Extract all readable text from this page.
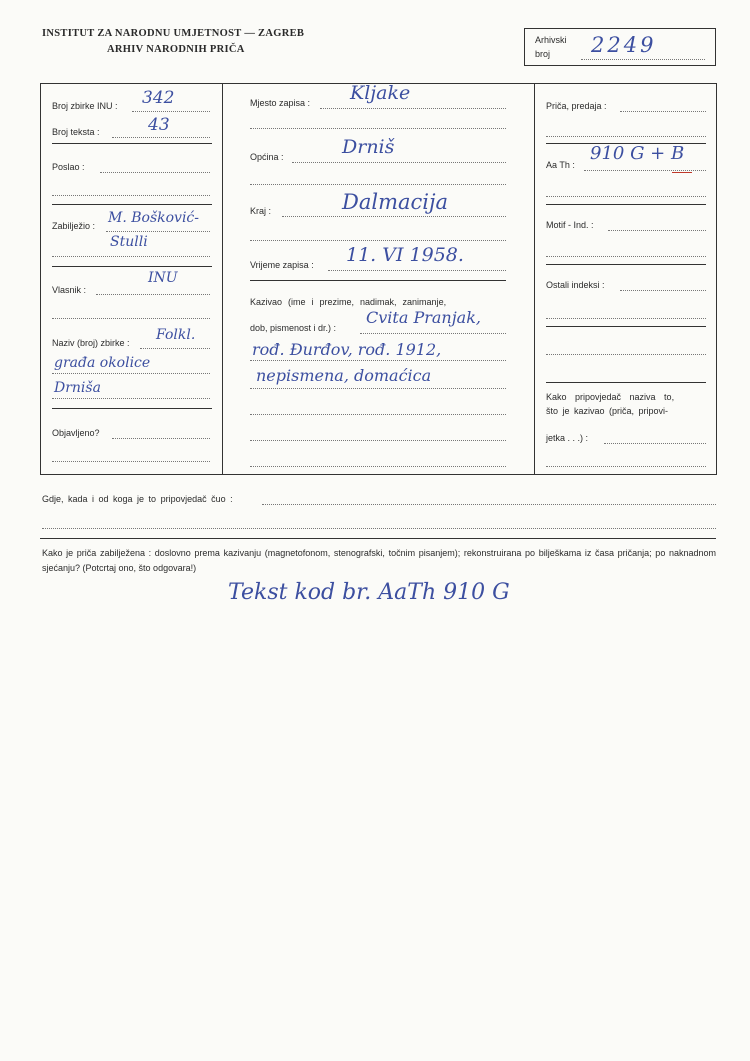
INSTITUT ZA NARODNU UMJETNOST — ZAGREB
ARHIV NARODNIH PRIČA
Arhivski
broj 2249
Broj zbirke INU : 342
Broj teksta :	43
Poslao :
Zabilježio : M. Bošković-
Stulli
Vlasnik :
INU
Naziv (broj) zbirke : Folkl.
građa okolice
Drniša
Objavljeno?
Mjesto zapisa : Kljake
Općina :	Drniš
Kraj :	Dalmacija
Vrijeme zapisa : 11. VI 1958.
Kazivao (ime i prezime, nadimak, zanimanje,
dob, pismenost i dr.) :
Cvita Pranjak,
rođ. Đurđov, rođ. 1912,
nepismena, domaćica
Priča, predaja :
Aa Th :
910 G + B
Motif - Ind. :
Ostali indeksi :
Kako pripovjedač naziva to,
što je kazivao (priča, pripovi-
jetka . . .) :
Gdje, kada i od koga je to pripovjedač čuo :
Kako je priča zabilježena : doslovno prema kazivanju (magnetofonom, stenografski, točnim pisanjem); rekonstruirana po bilješkama iz časa pričanja; po naknadnom sjećanju? (Potcrtaj ono, što odgovara!)
Tekst kod br. AaTh 910 G
